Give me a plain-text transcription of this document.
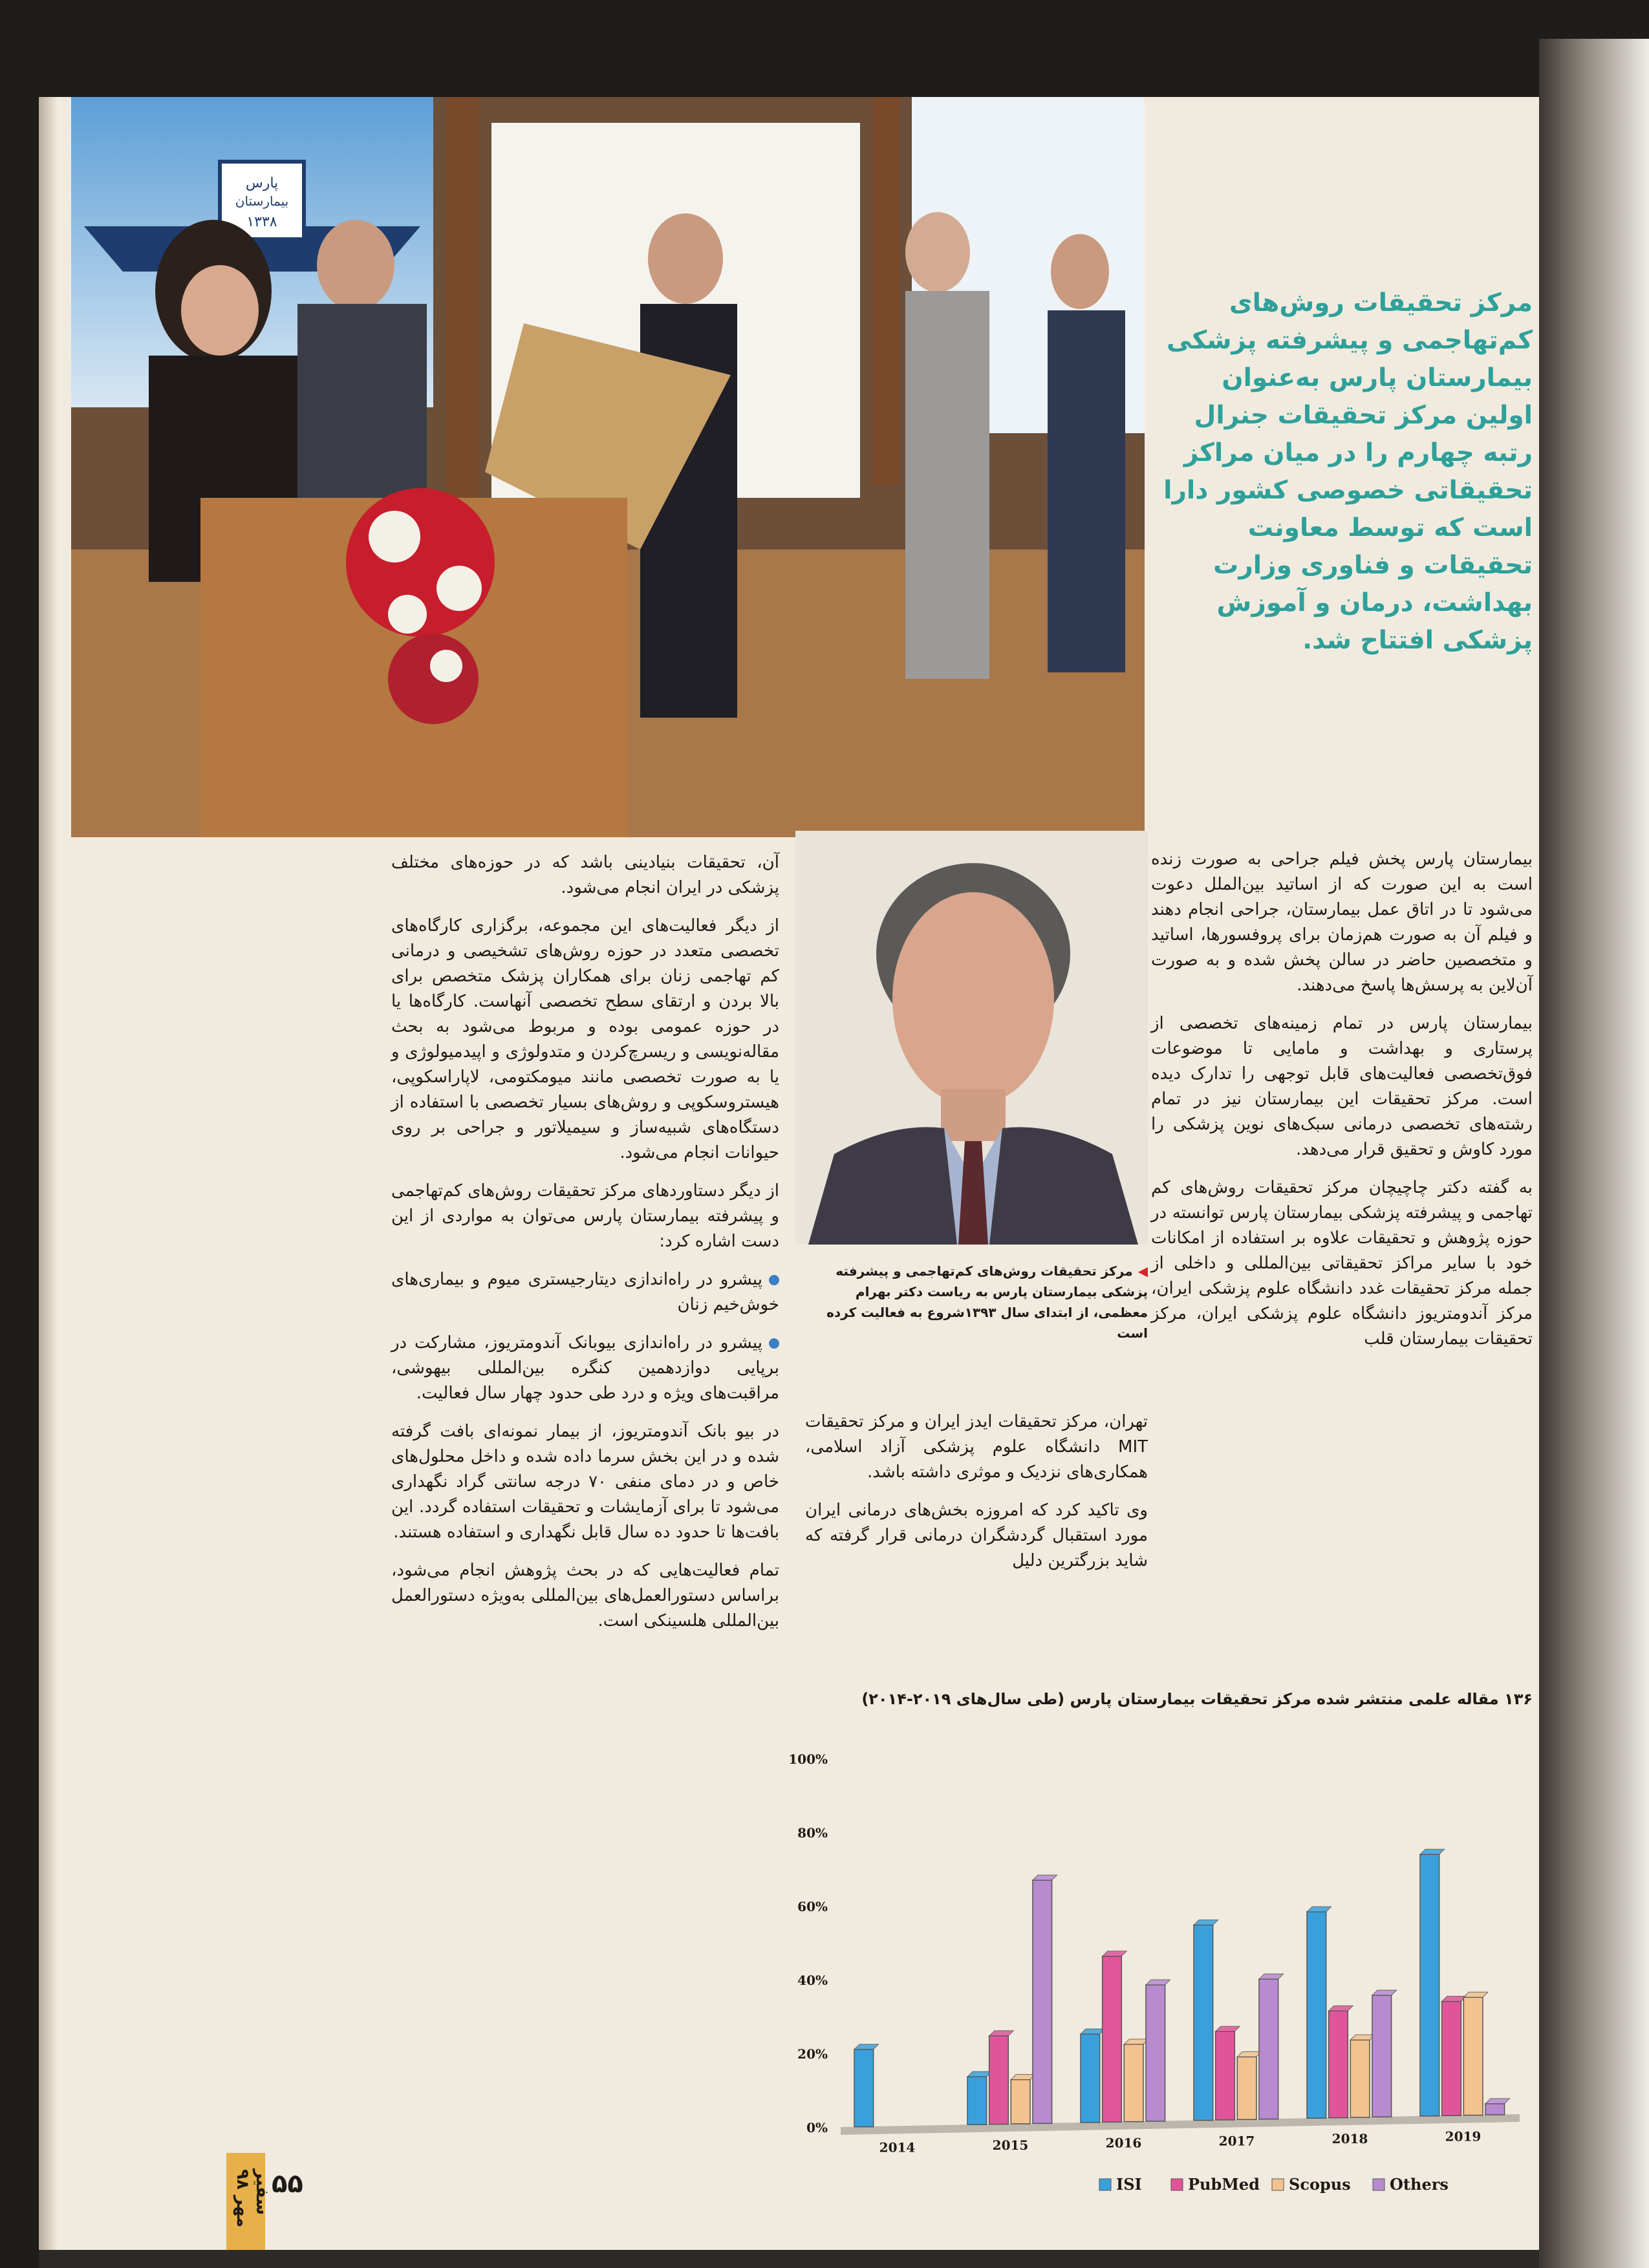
پارس
بیمارستان
۱۳۳۸
مرکز تحقیقات روش‌های کم‌تهاجمی و پیشرفته پزشکی بیمارستان پارس به‌عنوان اولین مرکز تحقیقات جنرال رتبه چهارم را در میان مراکز تحقیقاتی خصوصی کشور دارا است که توسط معاونت تحقیقات و فناوری وزارت بهداشت، درمان و آموزش پزشکی افتتاح شد.

بیمارستان پارس پخش فیلم جراحی به صورت زنده است به این صورت که از اساتید بین‌الملل دعوت می‌شود تا در اتاق عمل بیمارستان، جراحی انجام دهند و فیلم آن به صورت هم‌زمان برای پروفسورها، اساتید و متخصصین حاضر در سالن پخش شده و به صورت آن‌لاین به پرسش‌ها پاسخ می‌دهند.

بیمارستان پارس در تمام زمینه‌های تخصصی از پرستاری و بهداشت و مامایی تا موضوعات فوق‌تخصصی فعالیت‌های قابل توجهی را تدارک دیده است. مرکز تحقیقات این بیمارستان نیز در تمام رشته‌های تخصصی درمانی سبک‌های نوین پزشکی را مورد کاوش و تحقیق قرار می‌دهد.

به گفته دکتر چاچیچان مرکز تحقیقات روش‌های کم تهاجمی و پیشرفته پزشکی بیمارستان پارس توانسته در حوزه پژوهش و تحقیقات علاوه بر استفاده از امکانات خود با سایر مراکز تحقیقاتی بین‌المللی و داخلی از جمله مرکز تحقیقات غدد دانشگاه علوم پزشکی ایران، مرکز آندومتریوز دانشگاه علوم پزشکی ایران، مرکز تحقیقات بیمارستان قلب

◀مرکز تحقیقات روش‌های کم‌تهاجمی و پیشرفته پزشکی بیمارستان پارس به ریاست دکتر بهرام معظمی، از ابتدای سال ۱۳۹۳شروع به فعالیت کرده است

تهران، مرکز تحقیقات ایدز ایران و مرکز تحقیقات MIT دانشگاه علوم پزشکی آزاد اسلامی، همکاری‌های نزدیک و موثری داشته باشد.

وی تاکید کرد که امروزه بخش‌های درمانی ایران مورد استقبال گردشگران درمانی قرار گرفته که شاید بزرگترین دلیل

آن، تحقیقات بنیادینی باشد که در حوزه‌های مختلف پزشکی در ایران انجام می‌شود.

از دیگر فعالیت‌های این مجموعه، برگزاری کارگاه‌های تخصصی متعدد در حوزه روش‌های تشخیصی و درمانی کم تهاجمی زنان برای همکاران پزشک متخصص برای بالا بردن و ارتقای سطح تخصصی آنهاست. کارگاه‌ها یا در حوزه عمومی بوده و مربوط می‌شود به بحث مقاله‌نویسی و ریسرچ‌کردن و متدولوژی و اپیدمیولوژی و یا به صورت تخصصی مانند میومکتومی، لاپاراسکوپی، هیستروسکوپی و روش‌های بسیار تخصصی با استفاده از دستگاه‌های شبیه‌ساز و سیمیلاتور و جراحی بر روی حیوانات انجام می‌شود.

از دیگر دستاوردهای مرکز تحقیقات روش‌های کم‌تهاجمی و پیشرفته بیمارستان پارس می‌توان به مواردی از این دست اشاره کرد:

پیشرو در راه‌اندازی دیتارجیستری میوم و بیماری‌های خوش‌خیم زنان

پیشرو در راه‌اندازی بیوبانک آندومتریوز، مشارکت در برپایی دوازدهمین کنگره بین‌المللی بیهوشی، مراقبت‌های ویژه و درد طی حدود چهار سال فعالیت.

در بیو بانک آندومتریوز، از بیمار نمونه‌ای بافت گرفته شده و در این بخش سرما داده شده و داخل محلول‌های خاص و در دمای منفی ۷۰ درجه سانتی گراد نگهداری می‌شود تا برای آزمایشات و تحقیقات استفاده گردد. این بافت‌ها تا حدود ده سال قابل نگهداری و استفاده هستند.

تمام فعالیت‌هایی که در بحث پژوهش انجام می‌شود، براساس دستورالعمل‌های بین‌المللی به‌ویژه دستورالعمل بین‌المللی هلسینکی است.

۱۳۶ مقاله علمی منتشر شده مرکز تحقیقات بیمارستان پارس (طی سال‌های ۲۰۱۹-۲۰۱۴)
0%
20%
40%
60%
80%
100%
2014	2015	2016	2017	2018	2019
ISI	PubMed Scopus	Others
سفیر مهر ۹۸
۵۵
